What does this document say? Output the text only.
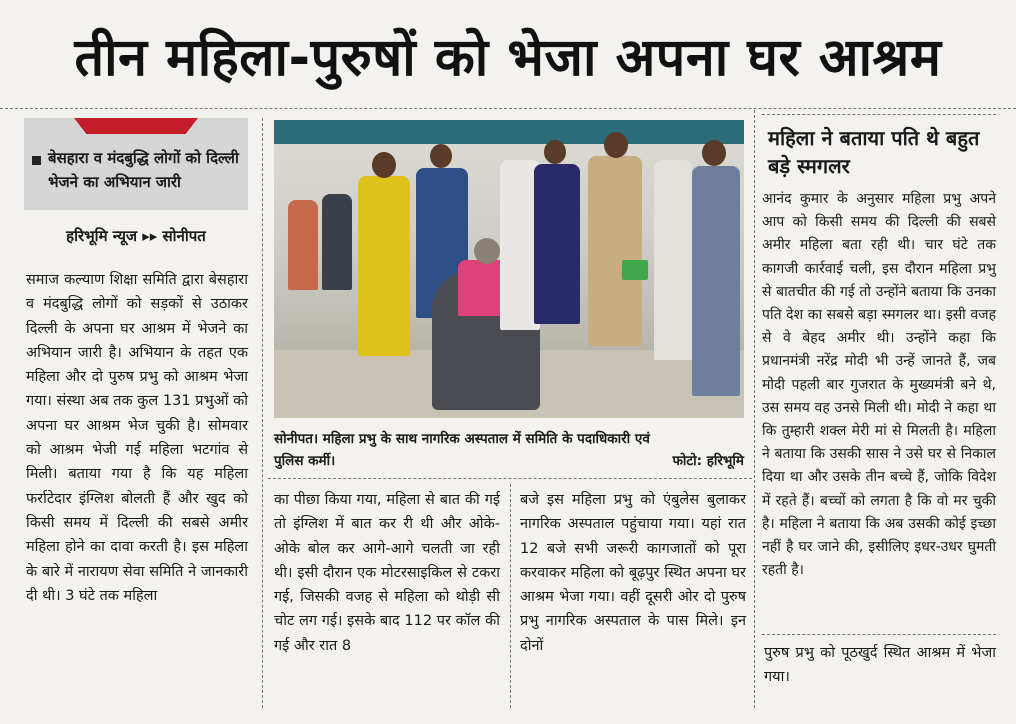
तीन महिला-पुरुषों को भेजा अपना घर आश्रम
बेसहारा व मंदबुद्धि लोगों को दिल्ली भेजने का अभियान जारी
हरिभूमि न्यूज ▸▸ सोनीपत

समाज कल्याण शिक्षा समिति द्वारा बेसहारा व मंदबुद्धि लोगों को सड़कों से उठाकर दिल्ली के अपना घर आश्रम में भेजने का अभियान जारी है। अभियान के तहत एक महिला और दो पुरुष प्रभु को आश्रम भेजा गया। संस्था अब तक कुल 131 प्रभुओं को अपना घर आश्रम भेज चुकी है। सोमवार को आश्रम भेजी गई महिला भटगांव से मिली। बताया गया है कि यह महिला फर्राटेदार इंग्लिश बोलती हैं और खुद को किसी समय में दिल्ली की सबसे अमीर महिला होने का दावा करती है। इस महिला के बारे में नारायण सेवा समिति ने जानकारी दी थी। 3 घंटे तक महिला

सोनीपत। महिला प्रभु के साथ नागरिक अस्पताल में समिति के पदाधिकारी एवं
पुलिस कर्मी।	फोटो: हरिभूमि

का पीछा किया गया, महिला से बात की गई तो इंग्लिश में बात कर री थी और ओके-ओके बोल कर आगे-आगे चलती जा रही थी। इसी दौरान एक मोटरसाइकिल से टकरा गई, जिसकी वजह से महिला को थोड़ी सी चोट लग गई। इसके बाद 112 पर कॉल की गई और रात 8

बजे इस महिला प्रभु को एंबुलेस बुलाकर नागरिक अस्पताल पहुंचाया गया। यहां रात 12 बजे सभी जरूरी कागजातों को पूरा करवाकर महिला को बूढ़पुर स्थित अपना घर आश्रम भेजा गया। वहीं दूसरी ओर दो पुरुष प्रभु नागरिक अस्पताल के पास मिले। इन दोनों

महिला ने बताया पति थे बहुत बड़े स्मगलर

आनंद कुमार के अनुसार महिला प्रभु अपने आप को किसी समय की दिल्ली की सबसे अमीर महिला बता रही थी। चार घंटे तक कागजी कार्रवाई चली, इस दौरान महिला प्रभु से बातचीत की गई तो उन्होंने बताया कि उनका पति देश का सबसे बड़ा स्मगलर था। इसी वजह से वे बेहद अमीर थी। उन्होंने कहा कि प्रधानमंत्री नरेंद्र मोदी भी उन्हें जानते हैं, जब मोदी पहली बार गुजरात के मुख्यमंत्री बने थे, उस समय वह उनसे मिली थी। मोदी ने कहा था कि तुम्हारी शक्ल मेरी मां से मिलती है। महिला ने बताया कि उसकी सास ने उसे घर से निकाल दिया था और उसके तीन बच्चे हैं, जोकि विदेश में रहते हैं। बच्चों को लगता है कि वो मर चुकी है। महिला ने बताया कि अब उसकी कोई इच्छा नहीं है घर जाने की, इसीलिए इधर-उधर घुमती रहती है।

पुरुष प्रभु को पूठखुर्द स्थित आश्रम में भेजा गया।
